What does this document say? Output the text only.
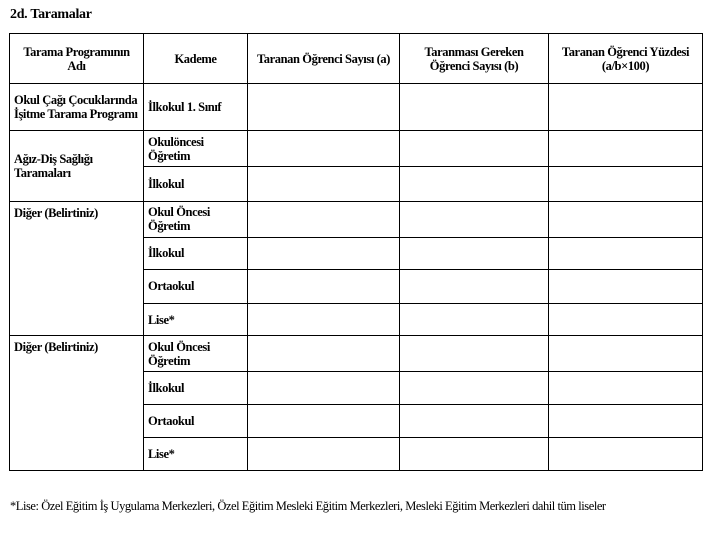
2d. Taramalar
Tarama Programının Adı	Kademe	Taranan Öğrenci Sayısı (a)	Taranması Gereken Öğrenci Sayısı (b)	Taranan Öğrenci Yüzdesi (a/b×100)
Okul Çağı Çocuklarında İşitme Tarama Programı	İlkokul 1. Sınıf			
Ağız-Diş Sağlığı Taramaları	Okulöncesi Öğretim			
	İlkokul			
Diğer (Belirtiniz)	Okul Öncesi Öğretim			
	İlkokul			
	Ortaokul			
	Lise*			
Diğer (Belirtiniz)	Okul Öncesi Öğretim			
	İlkokul			
	Ortaokul			
	Lise*			
*Lise: Özel Eğitim İş Uygulama Merkezleri, Özel Eğitim Mesleki Eğitim Merkezleri, Mesleki Eğitim Merkezleri dahil tüm liseler
